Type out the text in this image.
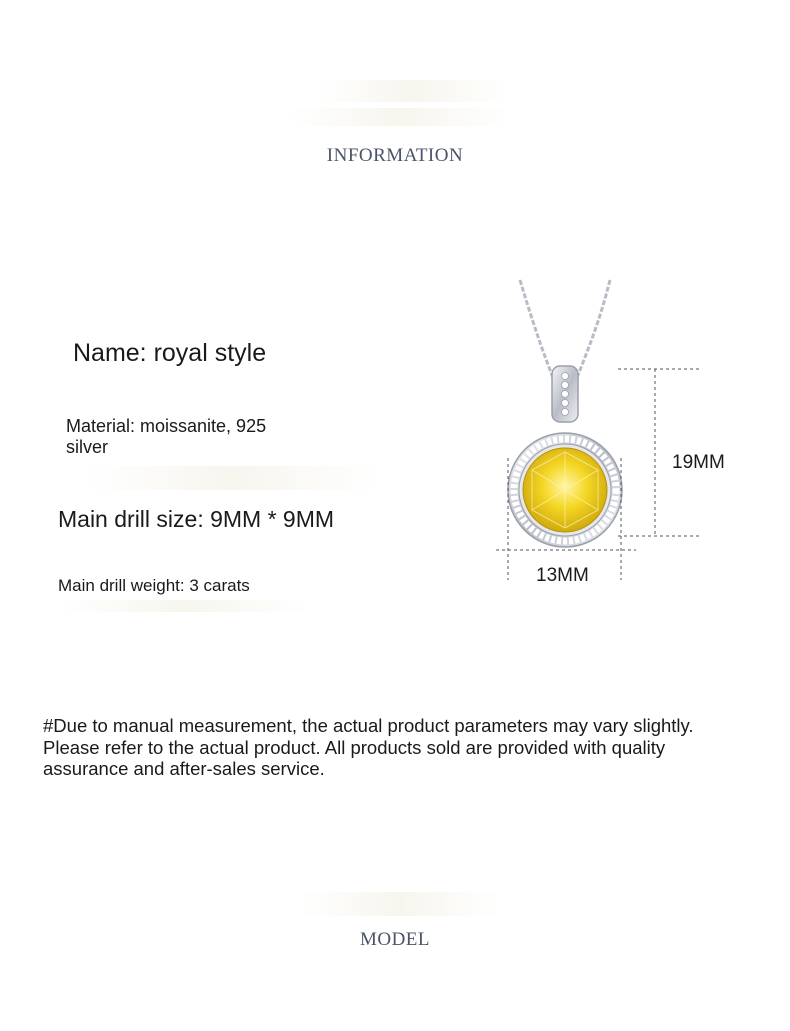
INFORMATION
Name: royal style
Material: moissanite, 925
silver
Main drill size: 9MM * 9MM
Main drill weight: 3 carats
19MM
13MM
#Due to manual measurement, the actual product parameters may vary slightly. Please refer to the actual product. All products sold are provided with quality assurance and after-sales service.
MODEL
